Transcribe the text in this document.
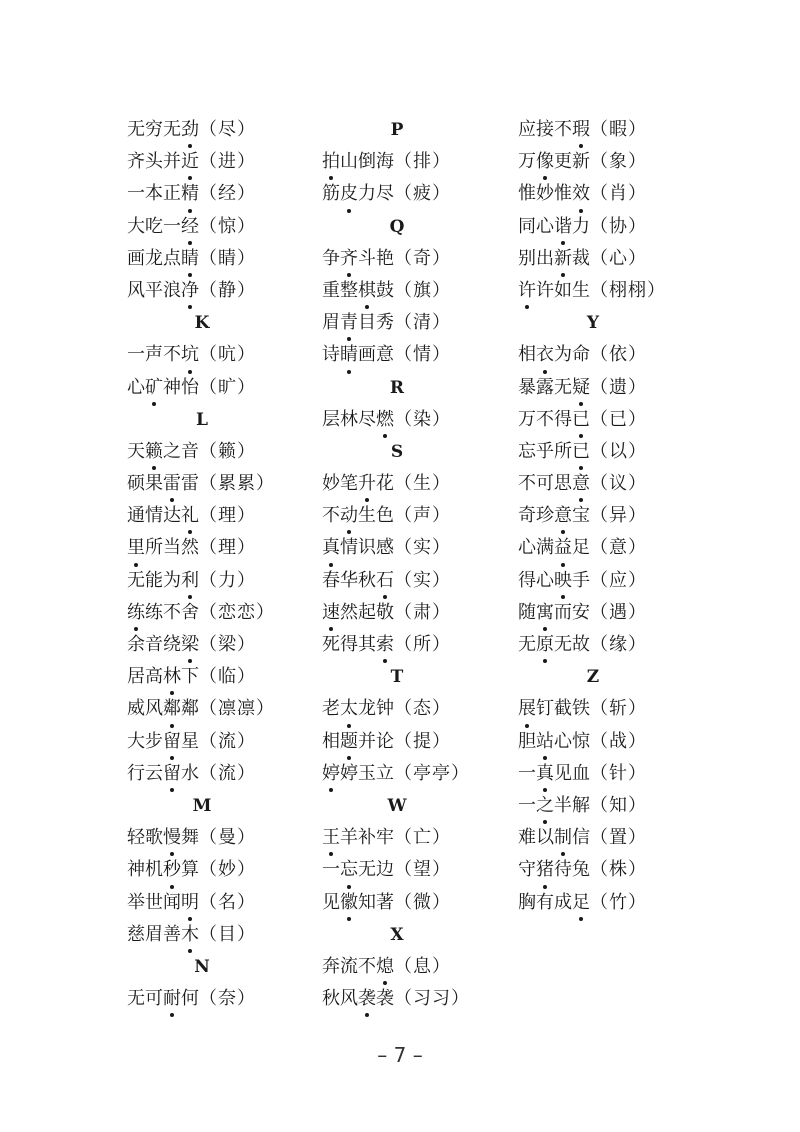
无穷无劲（尽）
齐头并近（进）
一本正精（经）
大吃一经（惊）
画龙点睛（睛）
风平浪净（静）
K
一声不坑（吭）
心矿神怡（旷）
L
天籁之音（籁）
硕果雷雷（累累）
通情达礼（理）
里所当然（理）
无能为利（力）
练练不舍（恋恋）
余音绕梁（梁）
居高林下（临）
威风鄰鄰（凛凛）
大步留星（流）
行云留水（流）
M
轻歌慢舞（曼）
神机秒算（妙）
举世闻明（名）
慈眉善木（目）
N
无可耐何（奈）
P
拍山倒海（排）
筋皮力尽（疲）
Q
争齐斗艳（奇）
重整棋鼓（旗）
眉青目秀（清）
诗睛画意（情）
R
层林尽燃（染）
S
妙笔升花（生）
不动生色（声）
真情识感（实）
春华秋石（实）
速然起敬（肃）
死得其索（所）
T
老太龙钟（态）
相题并论（提）
婷婷玉立（亭亭）
W
王羊补牢（亡）
一忘无边（望）
见徽知著（微）
X
奔流不熄（息）
秋风袭袭（习习）
应接不瑕（暇）
万像更新（象）
惟妙惟效（肖）
同心谐力（协）
别出新裁（心）
许许如生（栩栩）
Y
相衣为命（依）
暴露无疑（遗）
万不得已（已）
忘乎所已（以）
不可思意（议）
奇珍意宝（异）
心满益足（意）
得心映手（应）
随寓而安（遇）
无原无故（缘）
Z
展钉截铁（斩）
胆站心惊（战）
一真见血（针）
一之半解（知）
难以制信（置）
守猪待兔（株）
胸有成足（竹）
– 7 –
